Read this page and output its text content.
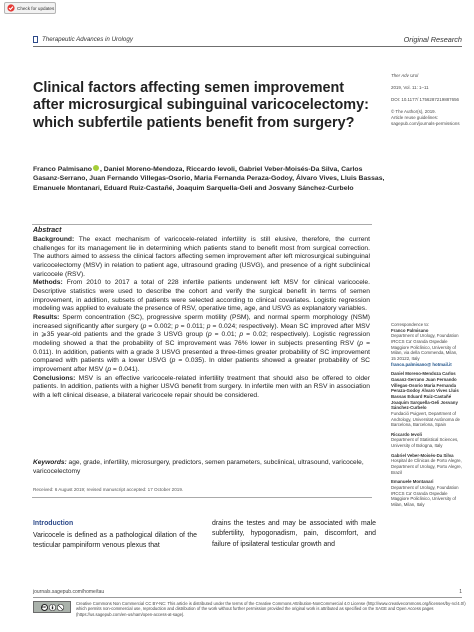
Check for updates
Therapeutic Advances in Urology	Original Research
Clinical factors affecting semen improvement after microsurgical subinguinal varicocelectomy: which subfertile patients benefit from surgery?
Franco Palmisano , Daniel Moreno-Mendoza, Riccardo Ievoli, Gabriel Veber-Moisés-Da Silva, Carlos Gasanz-Serrano, Juan Fernando Villegas-Osorio, Maria Fernanda Peraza-Godoy, Álvaro Vives, Lluis Bassas, Emanuele Montanari, Eduard Ruiz-Castañé, Joaquim Sarquella-Geli and Josvany Sánchez-Curbelo
Ther Adv Urol
2019, Vol. 11: 1–11
DOI: 10.1177/ 1756287219887656
© The Author(s), 2019.
Article reuse guidelines: sagepub.com/journals-permissions
Abstract

Background: The exact mechanism of varicocele-related infertility is still elusive, therefore, the current challenges for its management lie in determining which patients stand to benefit most from surgical correction. The authors aimed to assess the clinical factors affecting semen improvement after left microsurgical subinguinal varicocelectomy (MSV) in relation to patient age, ultrasound grading (USVG), and presence of a right subclinical varicocele (RSV).

Methods: From 2010 to 2017 a total of 228 infertile patients underwent left MSV for clinical varicocele. Descriptive statistics were used to describe the cohort and verify the surgical benefit in terms of semen improvement, in addition, subsets of patients were selected according to clinical covariates. Logistic regression modeling was applied to evaluate the presence of RSV, operative time, age, and USVG as explanatory variables.

Results: Sperm concentration (SC), progressive sperm motility (PSM), and normal sperm morphology (NSM) increased significantly after surgery (p = 0.002; p = 0.011; p = 0.024; respectively). Mean SC improved after MSV in ⩾35 year-old patients and the grade 3 USVG group (p = 0.01; p = 0.02; respectively). Logistic regression modeling showed a that the probability of SC improvement was 76% lower in subjects presenting RSV (p = 0.011). In addition, patients with a grade 3 USVG presented a three-times greater probability of SC improvement compared with patients with a lower USVG (p = 0.035). In older patients showed a greater probability of SC improvement after MSV (p = 0.041).

Conclusions: MSV is an effective varicocele-related infertility treatment that should also be offered to older patients. In addition, patients with a higher USVG benefit from surgery. In infertile men with an RSV in association with a left clinical disease, a bilateral varicocele repair should be considered.

Keywords: age, grade, infertility, microsurgery, predictors, semen parameters, subclinical, ultrasound, varicocele, varicocelectomy
Received: 6 August 2019; revised manuscript accepted: 17 October 2019.
Correspondence to:
Franco Palmisano
Department of Urology, Foundation IRCCS Ca' Granda Ospedale Maggiore Policlinico, University of Milan, via della Commenda, Milan, 15 20122, Italy
franco.palmisano@ hotmail.it
Daniel Moreno-Mendoza Carlos Gasanz-Serrano Juan Fernando Villegas-Osorio Maria Fernanda Peraza-Godoy Álvaro Vives Lluis Bassas Eduard Ruiz-Castañé Joaquim Sarquella-Geli Josvany Sánchez-Curbelo
Fundació Puigvert, Department of Andrology, Universitat Autònoma de Barcelona, Barcelona, Spain
Riccardo Ievoli
Department of Statistical Sciences, University of Bologna, Italy
Gabriel Veber-Moisés-Da Silva
Hospital de Clínicas de Porto Alegre, Department of Urology, Porto Alegre, Brazil
Emanuele Montanari
Department of Urology, Foundation IRCCS Ca' Granda Ospedale Maggiore Policlinico, University of Milan, Milan, Italy
Introduction
Varicocele is defined as a pathological dilation of the testicular pampiniform venous plexus that
drains the testes and may be associated with male subfertility, hypogonadism, pain, discomfort, and failure of ipsilateral testicular growth and
journals.sagepub.com/home/tau	1
cc
Creative Commons Non Commercial CC BY-NC: This article is distributed under the terms of the Creative Commons Attribution-NonCommercial 4.0 License (http://www.creativecommons.org/licenses/by-nc/4.0/) which permits non-commercial use, reproduction and distribution of the work without further permission provided the original work is attributed as specified on the SAGE and Open Access pages (https://us.sagepub.com/en-us/nam/open-access-at-sage).
